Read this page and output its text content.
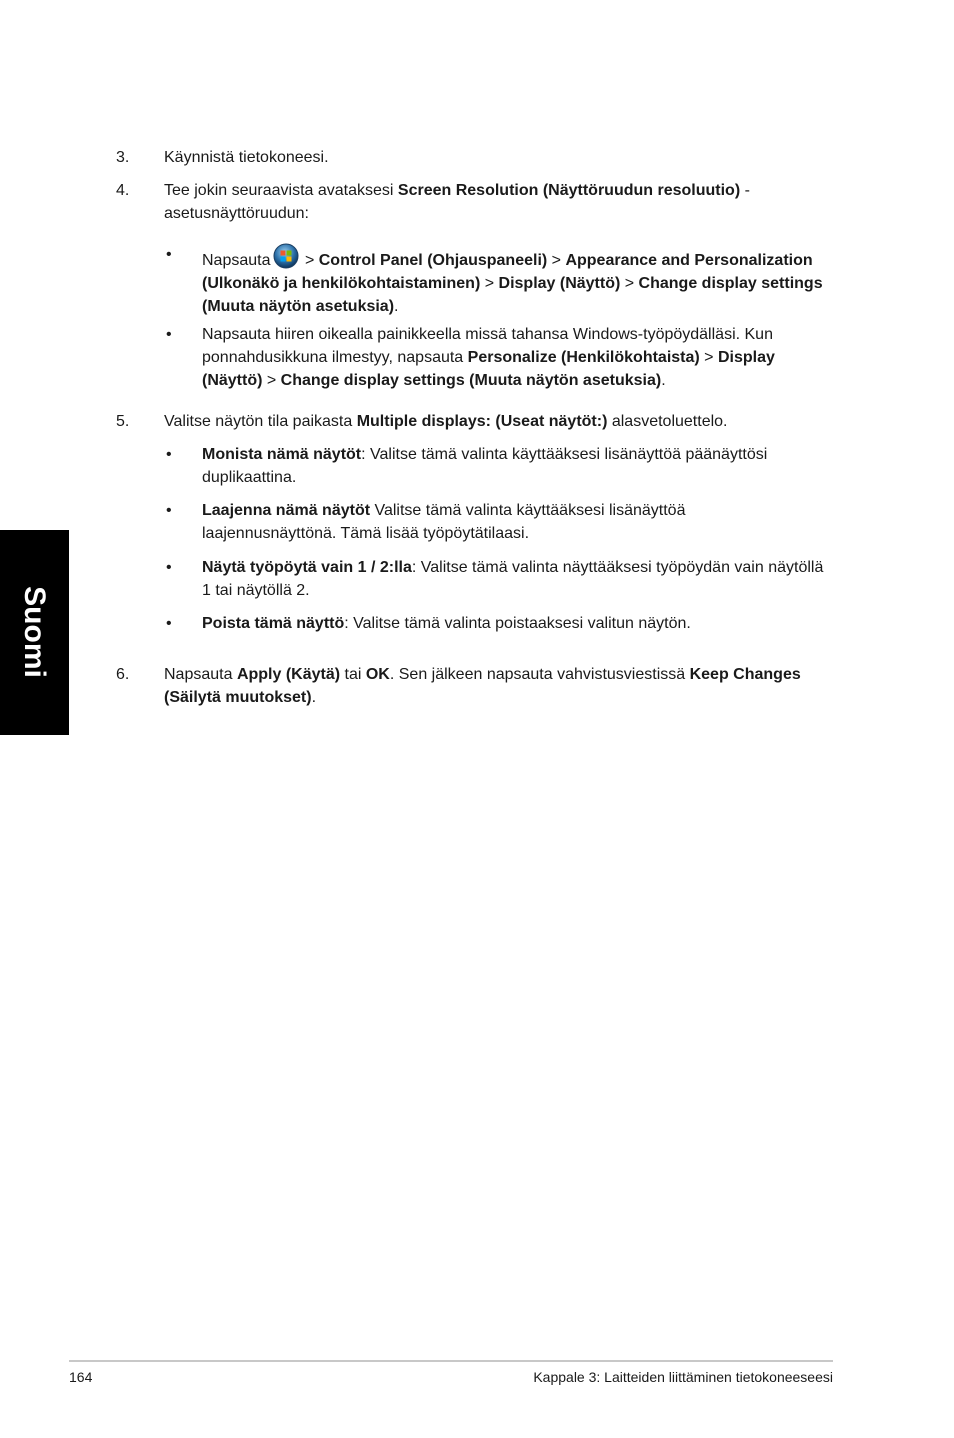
Suomi
3. Käynnistä tietokoneesi.
4. Tee jokin seuraavista avataksesi Screen Resolution (Näyttöruudun resoluutio) -asetusnäyttöruudun:
• Napsauta > Control Panel (Ohjauspaneeli) > Appearance and Personalization (Ulkonäkö ja henkilökohtaistaminen) > Display (Näyttö) > Change display settings (Muuta näytön asetuksia).
• Napsauta hiiren oikealla painikkeella missä tahansa Windows-työpöydälläsi. Kun ponnahdusikkuna ilmestyy, napsauta Personalize (Henkilökohtaista) > Display (Näyttö) > Change display settings (Muuta näytön asetuksia).
5. Valitse näytön tila paikasta Multiple displays: (Useat näytöt:) alasvetoluettelo.
• Monista nämä näytöt: Valitse tämä valinta käyttääksesi lisänäyttöä päänäyttösi duplikaattina.
• Laajenna nämä näytöt Valitse tämä valinta käyttääksesi lisänäyttöä laajennusnäyttönä. Tämä lisää työpöytätilaasi.
• Näytä työpöytä vain 1 / 2:lla: Valitse tämä valinta näyttääksesi työpöydän vain näytöllä 1 tai näytöllä 2.
• Poista tämä näyttö: Valitse tämä valinta poistaaksesi valitun näytön.
6. Napsauta Apply (Käytä) tai OK. Sen jälkeen napsauta vahvistusviestissä Keep Changes (Säilytä muutokset).
164	Kappale 3: Laitteiden liittäminen tietokoneeseesi
